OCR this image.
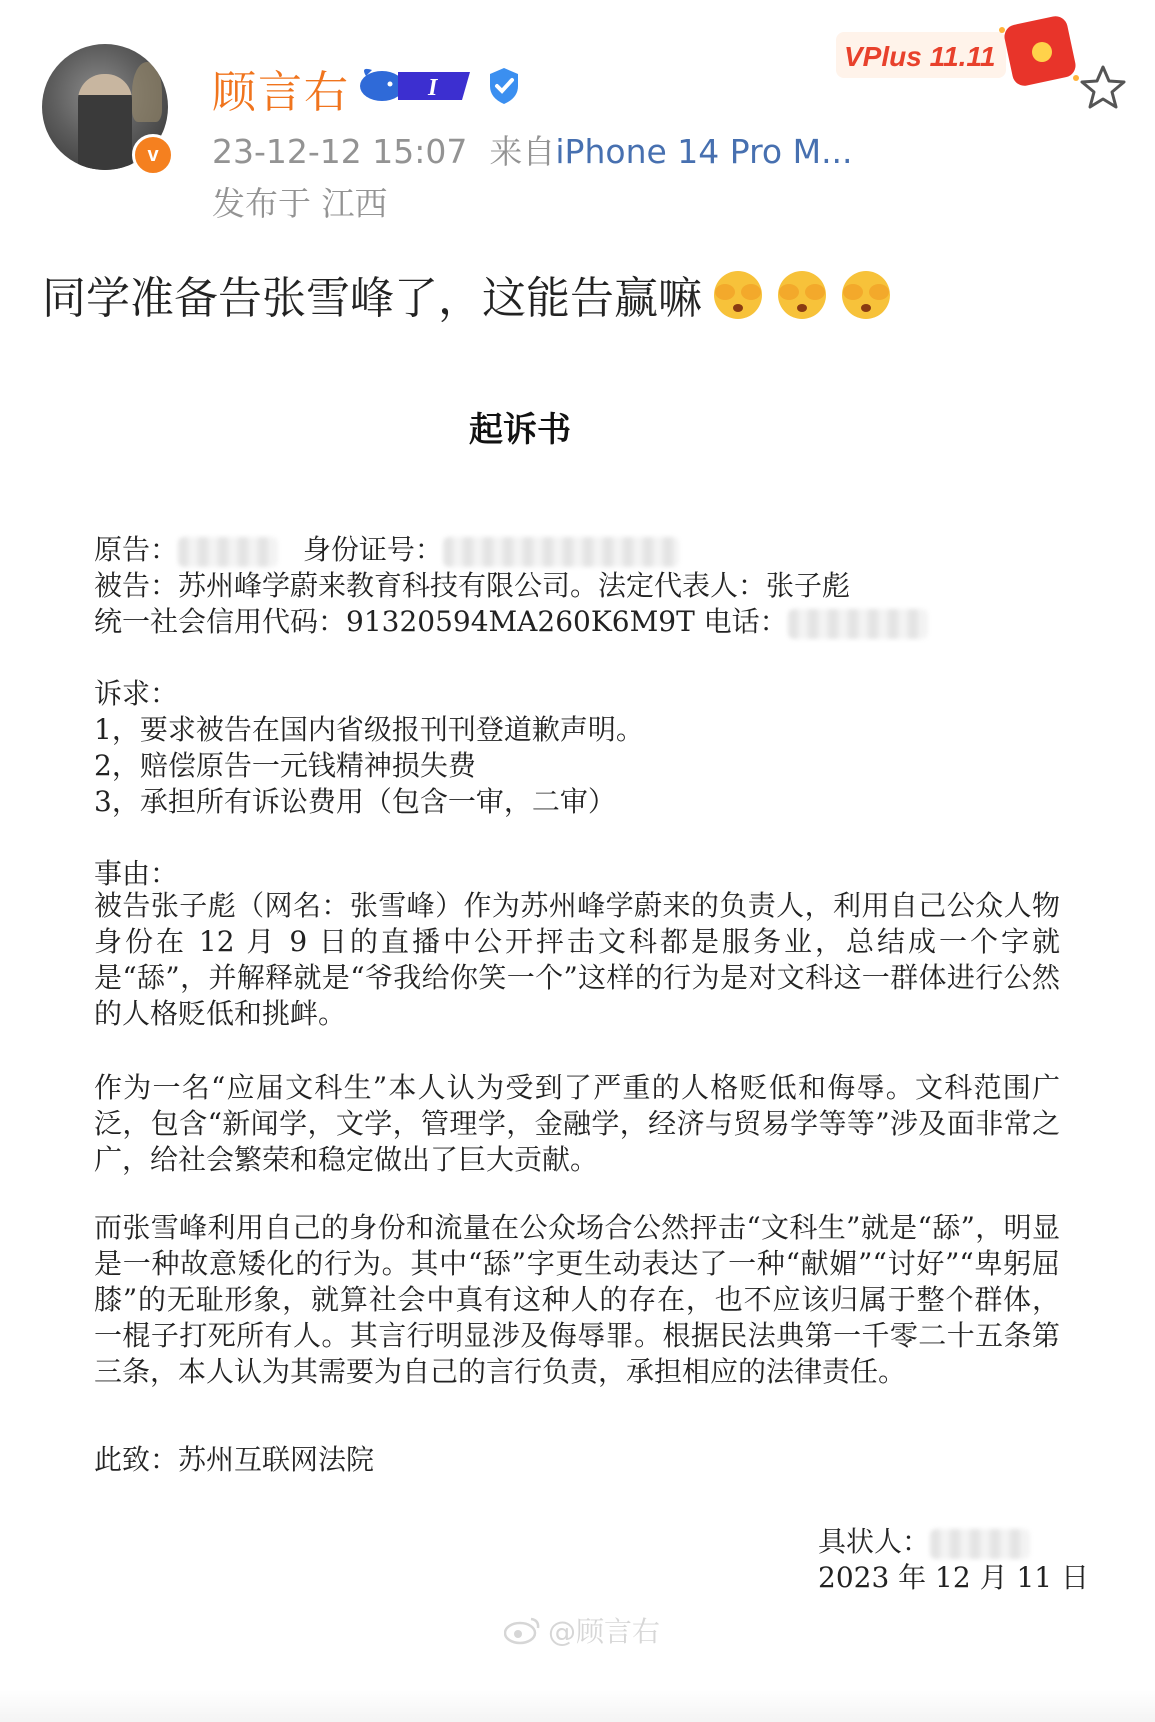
v
顾言右	I
VPlus 11.11
23-12-12 15:07 来自iPhone 14 Pro M...
发布于 江西
同学准备告张雪峰了，这能告赢嘛
起诉书
原告：	身份证号：
被告：苏州峰学蔚来教育科技有限公司。法定代表人：张子彪
统一社会信用代码：91320594MA260K6M9T 电话：
诉求：
1，要求被告在国内省级报刊刊登道歉声明。
2，赔偿原告一元钱精神损失费
3，承担所有诉讼费用（包含一审，二审）
事由：
被告张子彪（网名：张雪峰）作为苏州峰学蔚来的负责人，利用自己公众人物身份在 12 月 9 日的直播中公开抨击文科都是服务业，总结成一个字就是“舔”，并解释就是“爷我给你笑一个”这样的行为是对文科这一群体进行公然的人格贬低和挑衅。
作为一名“应届文科生”本人认为受到了严重的人格贬低和侮辱。文科范围广泛，包含“新闻学，文学，管理学，金融学，经济与贸易学等等”涉及面非常之广，给社会繁荣和稳定做出了巨大贡献。
而张雪峰利用自己的身份和流量在公众场合公然抨击“文科生”就是“舔”，明显是一种故意矮化的行为。其中“舔”字更生动表达了一种“献媚”“讨好”“卑躬屈膝”的无耻形象，就算社会中真有这种人的存在，也不应该归属于整个群体，一棍子打死所有人。其言行明显涉及侮辱罪。根据民法典第一千零二十五条第三条，本人认为其需要为自己的言行负责，承担相应的法律责任。
此致：苏州互联网法院
具状人：
2023 年 12 月 11 日
@顾言右
